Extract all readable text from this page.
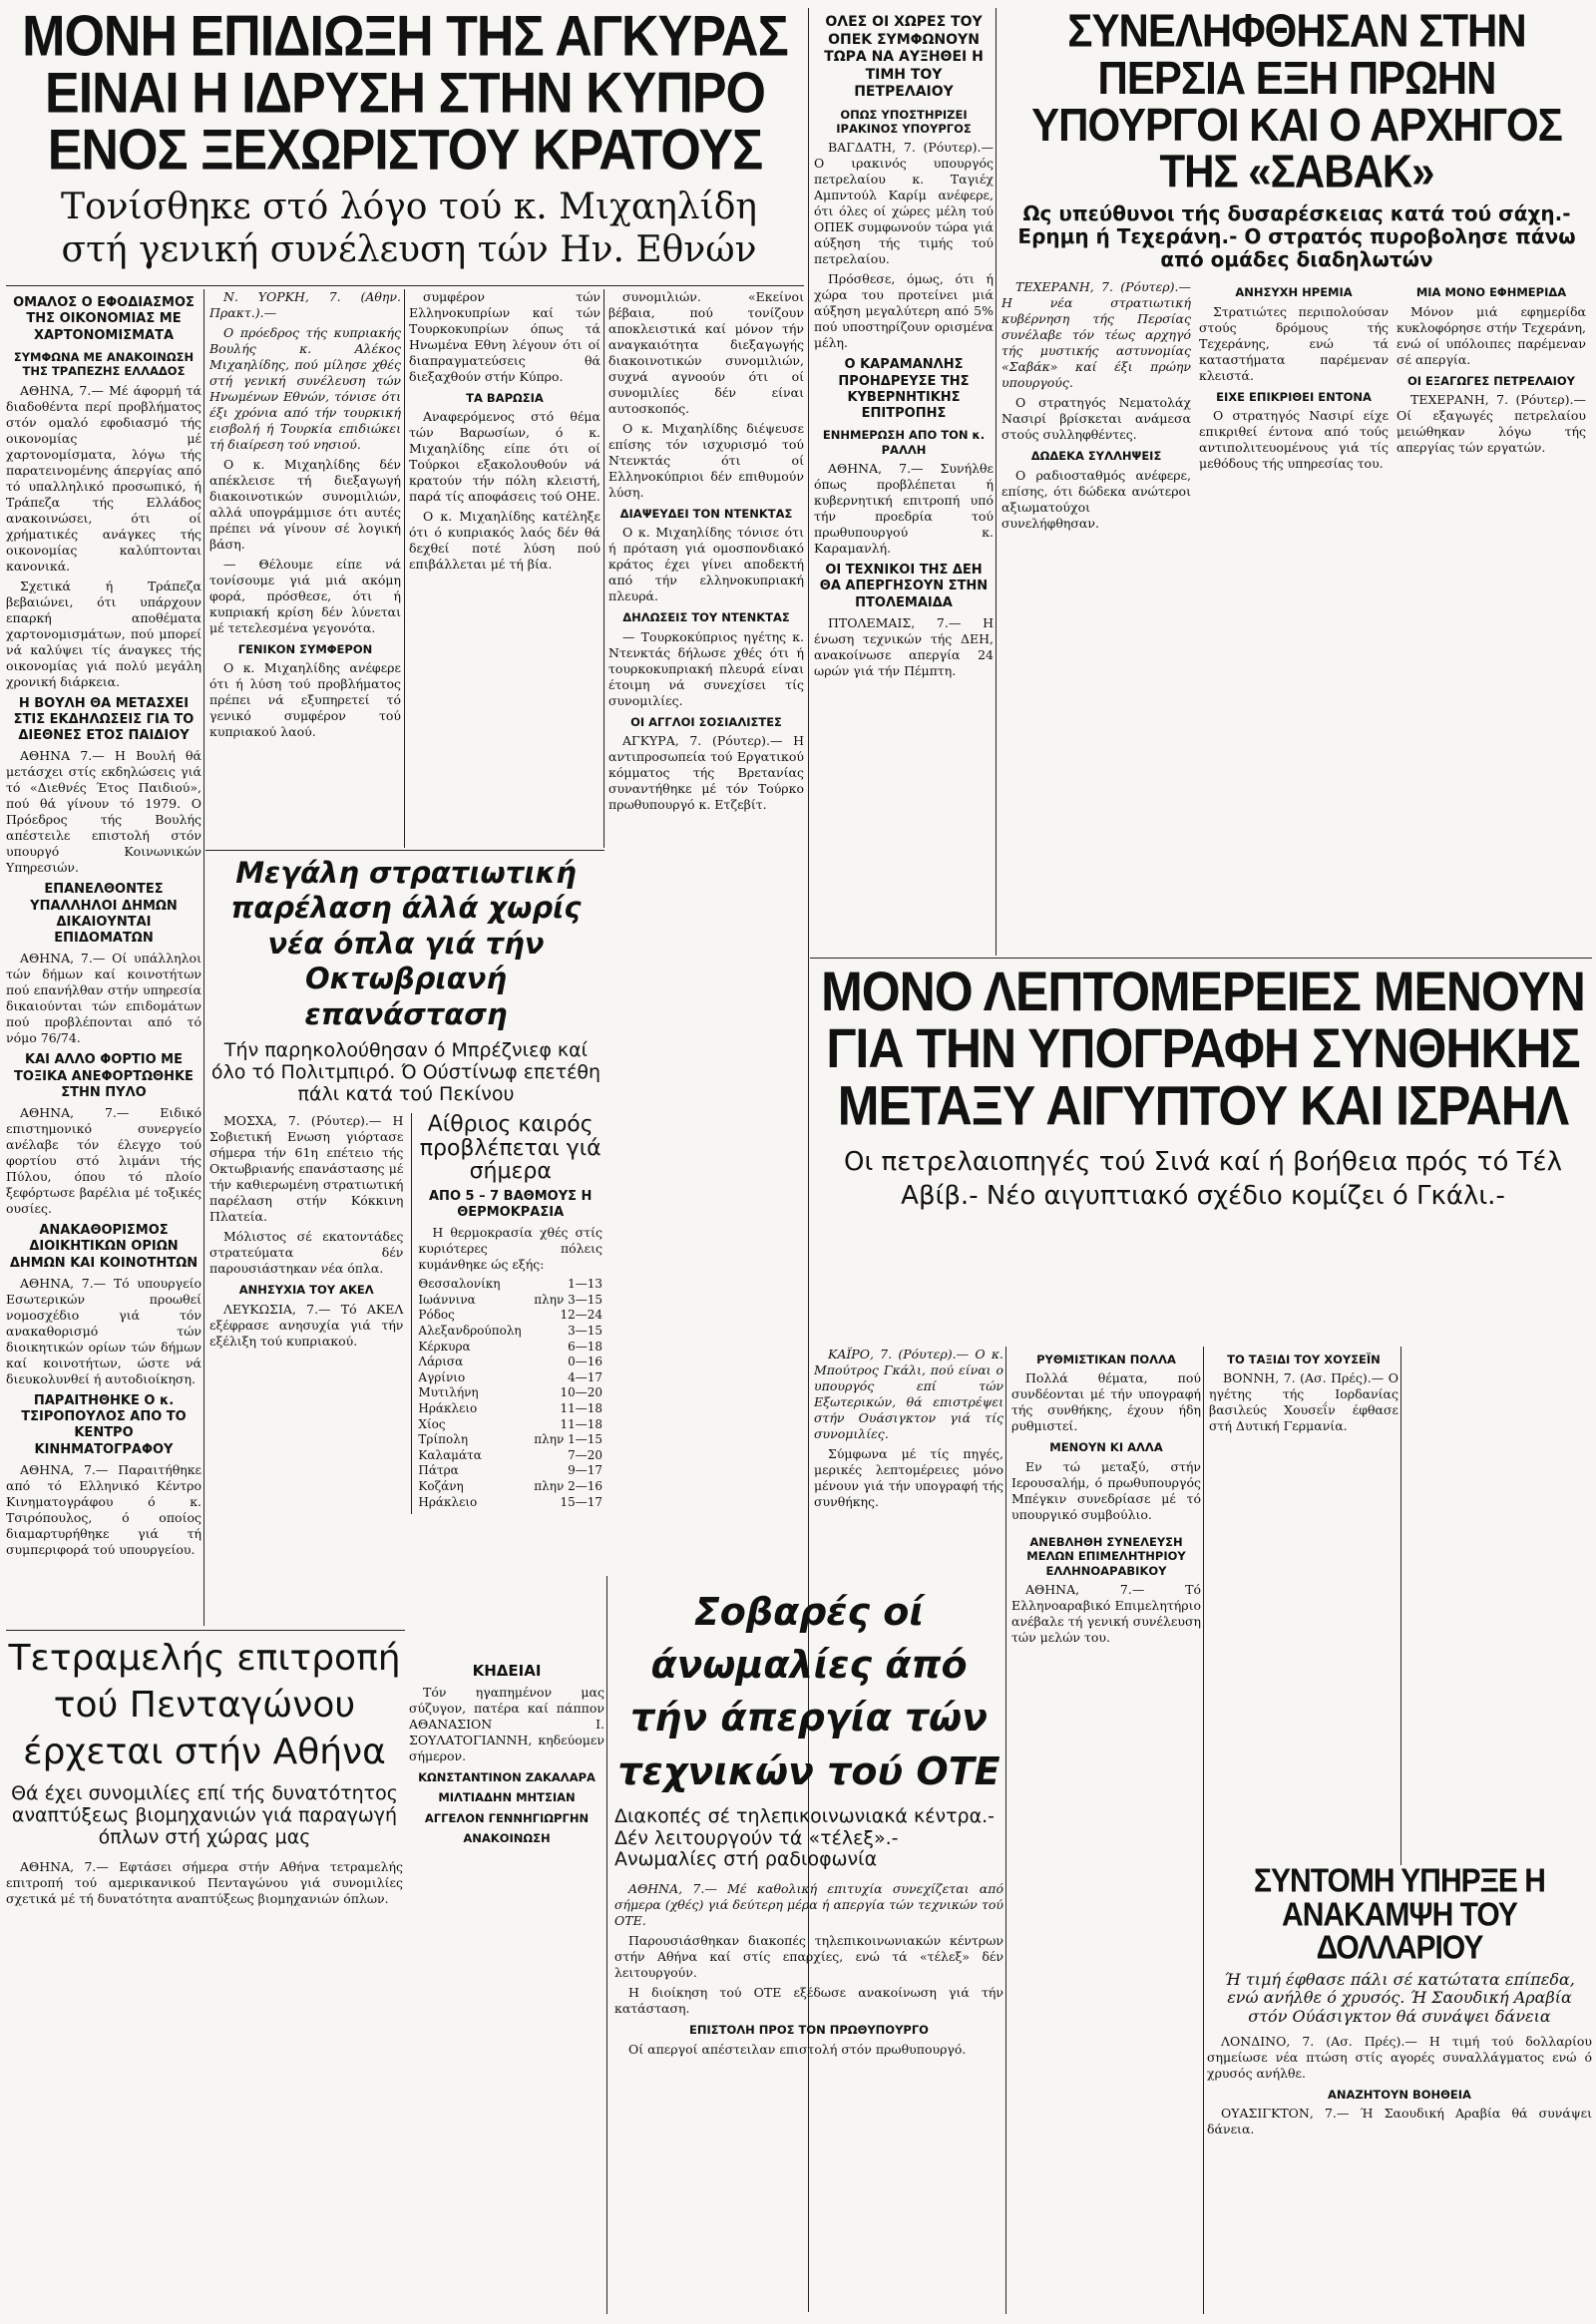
ΜΟΝΗ ΕΠΙΔΙΩΞΗ ΤΗΣ ΑΓΚΥΡΑΣ ΕΙΝΑΙ Η ΙΔΡΥΣΗ ΣΤΗΝ ΚΥΠΡΟ ΕΝΟΣ ΞΕΧΩΡΙΣΤΟΥ ΚΡΑΤΟΥΣ

Τονίσθηκε στό λόγο τού κ. Μιχαηλίδη στή γενική συνέλευση τών Ην. Εθνών

ΟΜΑΛΟΣ Ο ΕΦΟΔΙΑΣΜΟΣ ΤΗΣ ΟΙΚΟΝΟΜΙΑΣ ΜΕ ΧΑΡΤΟΝΟΜΙΣΜΑΤΑ
ΣΥΜΦΩΝΑ ΜΕ ΑΝΑΚΟΙΝΩΣΗ ΤΗΣ ΤΡΑΠΕΖΗΣ ΕΛΛΑΔΟΣ

ΑΘΗΝΑ, 7.— Μέ άφορμή τά διαδοθέντα περί προβλήματος στόν ομαλό εφοδιασμό τής οικονομίας μέ χαρτονομίσματα, λόγω τής παρατεινομένης άπεργίας από τό υπαλληλικό προσωπικό, ή Τράπεζα τής Ελλάδος ανακοινώσει, ότι οί χρήματικές ανάγκες τής οικονομίας καλύπτονται κανονικά.

Σχετικά ή Τράπεζα βεβαιώνει, ότι υπάρχουν επαρκή αποθέματα χαρτονομισμάτων, πού μπορεί νά καλύψει τίς άναγκες τής οικονομίας γιά πολύ μεγάλη χρονική διάρκεια.

Η ΒΟΥΛΗ ΘΑ ΜΕΤΑΣΧΕΙ ΣΤΙΣ ΕΚΔΗΛΩΣΕΙΣ ΓΙΑ ΤΟ ΔΙΕΘΝΕΣ ΕΤΟΣ ΠΑΙΔΙΟΥ

ΑΘΗΝΑ 7.— Η Βουλή θά μετάσχει στίς εκδηλώσεις γιά τό «Διεθνές Έτος Παιδιού», πού θά γίνουν τό 1979. Ο Πρόεδρος τής Βουλής απέστειλε επιστολή στόν υπουργό Κοινωνικών Υπηρεσιών.

ΕΠΑΝΕΛΘΟΝΤΕΣ ΥΠΑΛΛΗΛΟΙ ΔΗΜΩΝ ΔΙΚΑΙΟΥΝΤΑΙ ΕΠΙΔΟΜΑΤΩΝ

ΑΘΗΝΑ, 7.— Οί υπάλληλοι τών δήμων καί κοινοτήτων πού επανήλθαν στήν υπηρεσία δικαιούνται τών επιδομάτων πού προβλέπονται από τό νόμο 76/74.

ΚΑΙ ΑΛΛΟ ΦΟΡΤΙΟ ΜΕ ΤΟΞΙΚΑ ΑΝΕΦΟΡΤΩΘΗΚΕ ΣΤΗΝ ΠΥΛΟ

ΑΘΗΝΑ, 7.— Ειδικό επιστημονικό συνεργείο ανέλαβε τόν έλεγχο τού φορτίου στό λιμάνι τής Πύλου, όπου τό πλοίο ξεφόρτωσε βαρέλια μέ τοξικές ουσίες.

ΑΝΑΚΑΘΟΡΙΣΜΟΣ ΔΙΟΙΚΗΤΙΚΩΝ ΟΡΙΩΝ ΔΗΜΩΝ ΚΑΙ ΚΟΙΝΟΤΗΤΩΝ

ΑΘΗΝΑ, 7.— Τό υπουργείο Εσωτερικών προωθεί νομοσχέδιο γιά τόν ανακαθορισμό τών διοικητικών ορίων τών δήμων καί κοινοτήτων, ώστε νά διευκολυνθεί ή αυτοδιοίκηση.

ΠΑΡΑΙΤΗΘΗΚΕ Ο κ. ΤΣΙΡΟΠΟΥΛΟΣ ΑΠΟ ΤΟ ΚΕΝΤΡΟ ΚΙΝΗΜΑΤΟΓΡΑΦΟΥ

ΑΘΗΝΑ, 7.— Παραιτήθηκε από τό Ελληνικό Κέντρο Κινηματογράφου ό κ. Τσιρόπουλος, ό οποίος διαμαρτυρήθηκε γιά τή συμπεριφορά τού υπουργείου.

Ν. ΥΟΡΚΗ, 7. (Αθην. Πρακτ.).—

Ο πρόεδρος τής κυπριακής Βουλής κ. Αλέκος Μιχαηλίδης, πού μίλησε χθές στή γενική συνέλευση τών Ηνωμένων Εθνών, τόνισε ότι έξι χρόνια από τήν τουρκική εισβολή ή Τουρκία επιδιώκει τή διαίρεση τού νησιού.

Ο κ. Μιχαηλίδης δέν απέκλεισε τή διεξαγωγή διακοινοτικών συνομιλιών, αλλά υπογράμμισε ότι αυτές πρέπει νά γίνουν σέ λογική βάση.

— Θέλουμε είπε νά τονίσουμε γιά μιά ακόμη φορά, πρόσθεσε, ότι ή κυπριακή κρίση δέν λύνεται μέ τετελεσμένα γεγονότα.

ΓΕΝΙΚΟΝ ΣΥΜΦΕΡΟΝ

Ο κ. Μιχαηλίδης ανέφερε ότι ή λύση τού προβλήματος πρέπει νά εξυπηρετεί τό γενικό συμφέρον τού κυπριακού λαού.

συμφέρον τών Ελληνοκυπρίων καί τών Τουρκοκυπρίων όπως τά Ηνωμένα Εθνη λέγουν ότι οί διαπραγματεύσεις θά διεξαχθούν στήν Κύπρο.

ΤΑ ΒΑΡΩΣΙΑ

Αναφερόμενος στό θέμα τών Βαρωσίων, ό κ. Μιχαηλίδης είπε ότι οί Τούρκοι εξακολουθούν νά κρατούν τήν πόλη κλειστή, παρά τίς αποφάσεις τού ΟΗΕ.

Ο κ. Μιχαηλίδης κατέληξε ότι ό κυπριακός λαός δέν θά δεχθεί ποτέ λύση πού επιβάλλεται μέ τή βία.

συνομιλιών. «Εκείνοι βέβαια, πού τονίζουν αποκλειστικά καί μόνον τήν αναγκαιότητα διεξαγωγής διακοινοτικών συνομιλιών, συχνά αγνοούν ότι οί συνομιλίες δέν είναι αυτοσκοπός.

Ο κ. Μιχαηλίδης διέψευσε επίσης τόν ισχυρισμό τού Ντενκτάς ότι οί Ελληνοκύπριοι δέν επιθυμούν λύση.

ΔΙΑΨΕΥΔΕΙ ΤΟΝ ΝΤΕΝΚΤΑΣ

Ο κ. Μιχαηλίδης τόνισε ότι ή πρόταση γιά ομοσπονδιακό κράτος έχει γίνει αποδεκτή από τήν ελληνοκυπριακή πλευρά.

ΔΗΛΩΣΕΙΣ ΤΟΥ ΝΤΕΝΚΤΑΣ

— Τουρκοκύπριος ηγέτης κ. Ντενκτάς δήλωσε χθές ότι ή τουρκοκυπριακή πλευρά είναι έτοιμη νά συνεχίσει τίς συνομιλίες.

ΟΙ ΑΓΓΛΟΙ ΣΟΣΙΑΛΙΣΤΕΣ

ΑΓΚΥΡΑ, 7. (Ρόυτερ).— Η αντιπροσωπεία τού Εργατικού κόμματος τής Βρετανίας συναντήθηκε μέ τόν Τούρκο πρωθυπουργό κ. Ετζεβίτ.

Μεγάλη στρατιωτική παρέλαση άλλά χωρίς νέα όπλα γιά τήν Οκτωβριανή επανάσταση

Τήν παρηκολούθησαν ό Μπρέζνιεφ καί όλο τό Πολιτμπιρό. Ό Ούστίνωφ επετέθη πάλι κατά τού Πεκίνου

ΜΟΣΧΑ, 7. (Ρόυτερ).— Η Σοβιετική Ενωση γιόρτασε σήμερα τήν 61η επέτειο τής Οκτωβριανής επανάστασης μέ τήν καθιερωμένη στρατιωτική παρέλαση στήν Κόκκινη Πλατεία.

Μόλιστος σέ εκατοντάδες στρατεύματα δέν παρουσιάστηκαν νέα όπλα.

ΑΝΗΣΥΧΙΑ ΤΟΥ ΑΚΕΛ

ΛΕΥΚΩΣΙΑ, 7.— Τό ΑΚΕΛ εξέφρασε ανησυχία γιά τήν εξέλιξη τού κυπριακού.

Αίθριος καιρός προβλέπεται γιά σήμερα
ΑΠΟ 5 – 7 ΒΑΘΜΟΥΣ Η ΘΕΡΜΟΚΡΑΣΙΑ

Η θερμοκρασία χθές στίς κυριότερες πόλεις κυμάνθηκε ώς εξής:

Θεσσαλονίκη	1—13
Ιωάννινα	πλην 3—15
Ρόδος	12—24
Αλεξανδρούπολη	3—15
Κέρκυρα	6—18
Λάρισα	0—16
Αγρίνιο	4—17
Μυτιλήνη	10—20
Ηράκλειο	11—18
Χίος	11—18
Τρίπολη	πλην 1—15
Καλαμάτα	7—20
Πάτρα	9—17
Κοζάνη	πλην 2—16
Ηράκλειο	15—17
ΚΗΔΕΙΑΙ

Τόν ηγαπημένον μας σύζυγον, πατέρα καί πάππον ΑΘΑΝΑΣΙΟΝ Ι. ΣΟΥΛΑΤΟΓΙΑΝΝΗ, κηδεύομεν σήμερον.

ΚΩΝΣΤΑΝΤΙΝΟΝ ΖΑΚΑΛΑΡΑ
ΜΙΛΤΙΑΔΗΝ ΜΗΤΣΙΑΝ
ΑΓΓΕΛΟΝ ΓΕΝΝΗΓΙΩΡΓΗΝ
ΑΝΑΚΟΙΝΩΣΗ
Τετραμελής επιτροπή τού Πενταγώνου έρχεται στήν Αθήνα

Θά έχει συνομιλίες επί τής δυνατότητος αναπτύξεως βιομηχανιών γιά παραγωγή όπλων στή χώρας μας

ΑΘΗΝΑ, 7.— Εφτάσει σήμερα στήν Αθήνα τετραμελής επιτροπή τού αμερικανικού Πενταγώνου γιά συνομιλίες σχετικά μέ τή δυνατότητα αναπτύξεως βιομηχανιών όπλων.

ΟΛΕΣ ΟΙ ΧΩΡΕΣ ΤΟΥ ΟΠΕΚ ΣΥΜΦΩΝΟΥΝ ΤΩΡΑ ΝΑ ΑΥΞΗΘΕΙ Η ΤΙΜΗ ΤΟΥ ΠΕΤΡΕΛΑΙΟΥ
ΟΠΩΣ ΥΠΟΣΤΗΡΙΖΕΙ ΙΡΑΚΙΝΟΣ ΥΠΟΥΡΓΟΣ

ΒΑΓΔΑΤΗ, 7. (Ρόυτερ).— Ο ιρακινός υπουργός πετρελαίου κ. Ταγιέχ Αμπντούλ Καρίμ ανέφερε, ότι όλες οί χώρες μέλη τού ΟΠΕΚ συμφωνούν τώρα γιά αύξηση τής τιμής τού πετρελαίου.

Πρόσθεσε, όμως, ότι ή χώρα του προτείνει μιά αύξηση μεγαλύτερη από 5% πού υποστηρίζουν ορισμένα μέλη.

Ο ΚΑΡΑΜΑΝΛΗΣ ΠΡΟΗΔΡΕΥΣΕ ΤΗΣ ΚΥΒΕΡΝΗΤΙΚΗΣ ΕΠΙΤΡΟΠΗΣ
ΕΝΗΜΕΡΩΣΗ ΑΠΟ ΤΟΝ κ. ΡΑΛΛΗ

ΑΘΗΝΑ, 7.— Συνήλθε όπως προβλέπεται ή κυβερνητική επιτροπή υπό τήν προεδρία τού πρωθυπουργού κ. Καραμανλή.

ΟΙ ΤΕΧΝΙΚΟΙ ΤΗΣ ΔΕΗ ΘΑ ΑΠΕΡΓΗΣΟΥΝ ΣΤΗΝ ΠΤΟΛΕΜΑΙΔΑ

ΠΤΟΛΕΜΑΙΣ, 7.— Η ένωση τεχνικών τής ΔΕΗ, ανακοίνωσε απεργία 24 ωρών γιά τήν Πέμπτη.

ΣΥΝΕΛΗΦΘΗΣΑΝ ΣΤΗΝ ΠΕΡΣΙΑ ΕΞΗ ΠΡΩΗΝ ΥΠΟΥΡΓΟΙ ΚΑΙ Ο ΑΡΧΗΓΟΣ ΤΗΣ «ΣΑΒΑΚ»

Ως υπεύθυνοι τής δυσαρέσκειας κατά τού σάχη.- Ερημη ή Τεχεράνη.- Ο στρατός πυροβολησε πάνω από ομάδες διαδηλωτών

ΤΕΧΕΡΑΝΗ, 7. (Ρόυτερ).— Η νέα στρατιωτική κυβέρνηση τής Περσίας συνέλαβε τόν τέως αρχηγό τής μυστικής αστυνομίας «Σαβάκ» καί έξι πρώην υπουργούς.

Ο στρατηγός Νεματολάχ Νασιρί βρίσκεται ανάμεσα στούς συλληφθέντες.

ΔΩΔΕΚΑ ΣΥΛΛΗΨΕΙΣ

Ο ραδιοσταθμός ανέφερε, επίσης, ότι δώδεκα ανώτεροι αξιωματούχοι συνελήφθησαν.

ΑΝΗΣΥΧΗ ΗΡΕΜΙΑ

Στρατιώτες περιπολούσαν στούς δρόμους τής Τεχεράνης, ενώ τά καταστήματα παρέμεναν κλειστά.

ΕΙΧΕ ΕΠΙΚΡΙΘΕΙ ΕΝΤΟΝΑ

Ο στρατηγός Νασιρί είχε επικριθεί έντονα από τούς αντιπολιτευομένους γιά τίς μεθόδους τής υπηρεσίας του.

ΜΙΑ ΜΟΝΟ ΕΦΗΜΕΡΙΔΑ

Μόνον μιά εφημερίδα κυκλοφόρησε στήν Τεχεράνη, ενώ οί υπόλοιπες παρέμεναν σέ απεργία.

ΟΙ ΕΞΑΓΩΓΕΣ ΠΕΤΡΕΛΑΙΟΥ

ΤΕΧΕΡΑΝΗ, 7. (Ρόυτερ).— Οί εξαγωγές πετρελαίου μειώθηκαν λόγω τής απεργίας τών εργατών.

ΜΟΝΟ ΛΕΠΤΟΜΕΡΕΙΕΣ ΜΕΝΟΥΝ ΓΙΑ ΤΗΝ ΥΠΟΓΡΑΦΗ ΣΥΝΘΗΚΗΣ ΜΕΤΑΞΥ ΑΙΓΥΠΤΟΥ ΚΑΙ ΙΣΡΑΗΛ

Οι πετρελαιοπηγές τού Σινά καί ή βοήθεια πρός τό Τέλ Αβίβ.- Νέο αιγυπτιακό σχέδιο κομίζει ό Γκάλι.-

Σοβαρές οί άνωμαλίες άπό τήν άπεργία τών τεχνικών τού ΟΤΕ

Διακοπές σέ τηλεπικοινωνιακά κέντρα.-Δέν λειτουργούν τά «τέλεξ».- Ανωμαλίες στή ραδιοφωνία

ΑΘΗΝΑ, 7.— Μέ καθολική επιτυχία συνεχίζεται από σήμερα (χθές) γιά δεύτερη μέρα ή απεργία τών τεχνικών τού ΟΤΕ.

Παρουσιάσθηκαν διακοπές τηλεπικοινωνιακών κέντρων στήν Αθήνα καί στίς επαρχίες, ενώ τά «τέλεξ» δέν λειτουργούν.

Η διοίκηση τού ΟΤΕ εξέδωσε ανακοίνωση γιά τήν κατάσταση.

ΕΠΙΣΤΟΛΗ ΠΡΟΣ ΤΟΝ ΠΡΩΘΥΠΟΥΡΓΟ

Οί απεργοί απέστειλαν επιστολή στόν πρωθυπουργό.

ΚΑΪΡΟ, 7. (Ρόυτερ).— Ο κ. Μπούτρος Γκάλι, πού είναι ο υπουργός επί τών Εξωτερικών, θά επιστρέψει στήν Ουάσιγκτον γιά τίς συνομιλίες.

Σύμφωνα μέ τίς πηγές, μερικές λεπτομέρειες μόνο μένουν γιά τήν υπογραφή τής συνθήκης.

ΡΥΘΜΙΣΤΙΚΑΝ ΠΟΛΛΑ

Πολλά θέματα, πού συνδέονται μέ τήν υπογραφή τής συνθήκης, έχουν ήδη ρυθμιστεί.

ΜΕΝΟΥΝ ΚΙ ΑΛΛΑ

Εν τώ μεταξύ, στήν Ιερουσαλήμ, ό πρωθυπουργός Μπέγκιν συνεδρίασε μέ τό υπουργικό συμβούλιο.

ΑΝΕΒΛΗΘΗ ΣΥΝΕΛΕΥΣΗ ΜΕΛΩΝ ΕΠΙΜΕΛΗΤΗΡΙΟΥ ΕΛΛΗΝΟΑΡΑΒΙΚΟΥ

ΑΘΗΝΑ, 7.— Τό Ελληνοαραβικό Επιμελητήριο ανέβαλε τή γενική συνέλευση τών μελών του.

ΤΟ ΤΑΞΙΔΙ ΤΟΥ ΧΟΥΣΕΪΝ

ΒΟΝΝΗ, 7. (Ασ. Πρές).— Ο ηγέτης τής Ιορδανίας βασιλεύς Χουσεΐν έφθασε στή Δυτική Γερμανία.

ΣΥΝΤΟΜΗ ΥΠΗΡΞΕ Η ΑΝΑΚΑΜΨΗ ΤΟΥ ΔΟΛΛΑΡΙΟΥ

Ή τιμή έφθασε πάλι σέ κατώτατα επίπεδα, ενώ ανήλθε ό χρυσός. Ή Σαουδική Αραβία στόν Ούάσιγκτον θά συνάψει δάνεια

ΛΟΝΔΙΝΟ, 7. (Ασ. Πρές).— Η τιμή τού δολλαρίου σημείωσε νέα πτώση στίς αγορές συναλλάγματος ενώ ό χρυσός ανήλθε.

ΑΝΑΖΗΤΟΥΝ ΒΟΗΘΕΙΑ

ΟΥΑΣΙΓΚΤΟΝ, 7.— Ή Σαουδική Αραβία θά συνάψει δάνεια.
